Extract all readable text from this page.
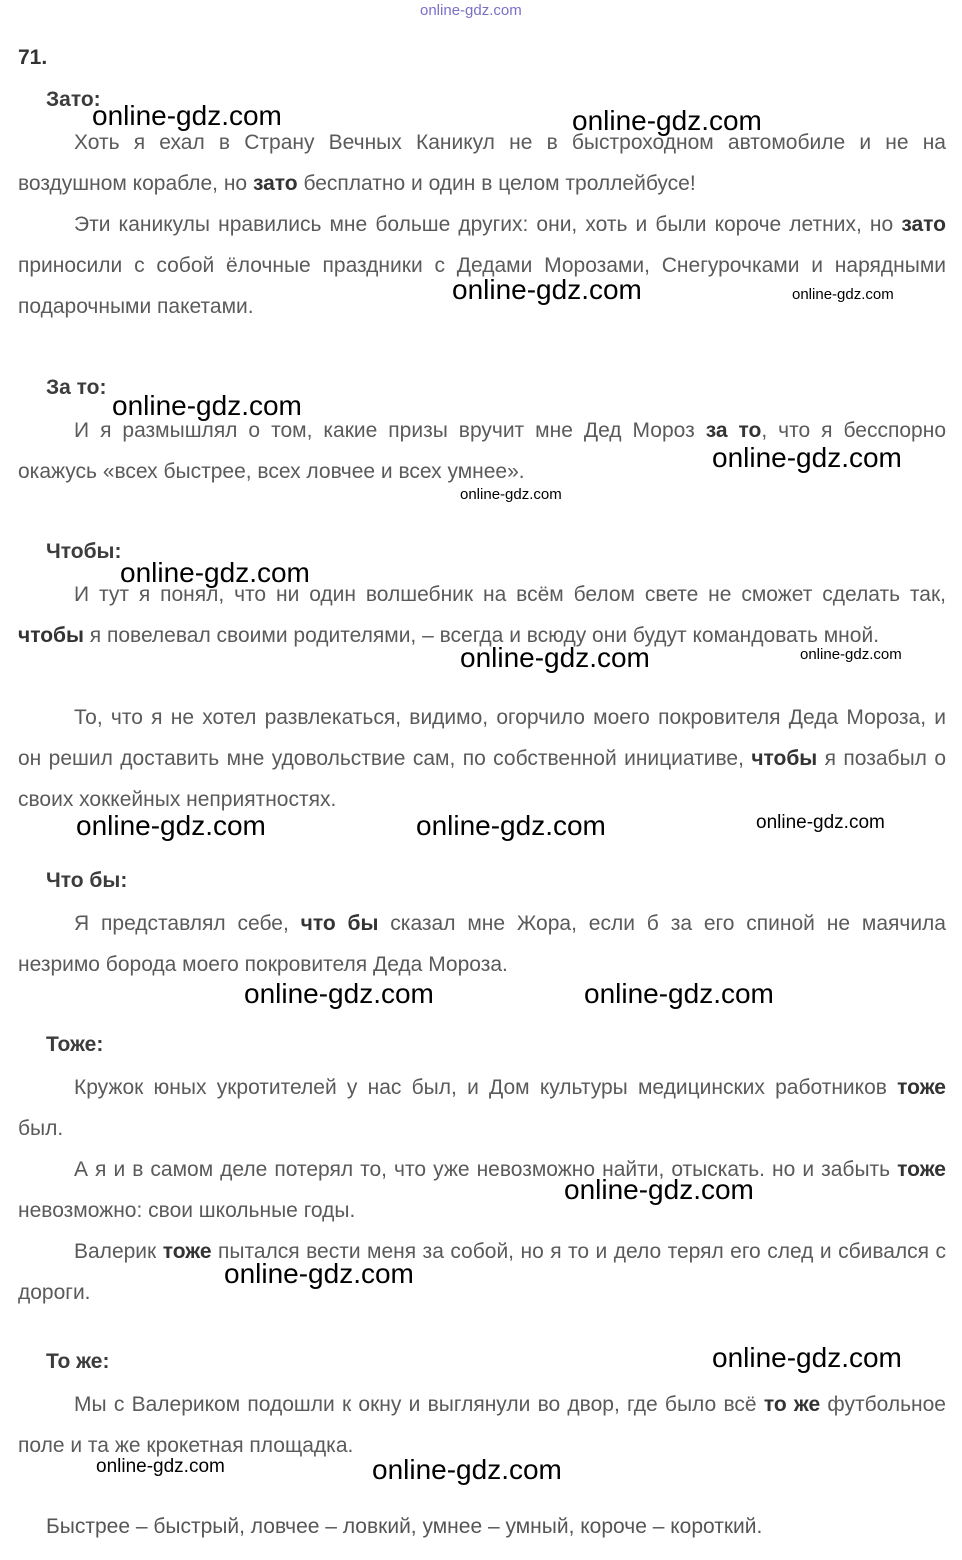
online-gdz.com
71.
Зато:

Хоть я ехал в Страну Вечных Каникул не в быстроходном автомобиле и не на воздушном корабле, но зато бесплатно и один в целом троллейбусе!

Эти каникулы нравились мне больше других: они, хоть и были короче летних, но зато приносили с собой ёлочные праздники с Дедами Морозами, Снегурочками и нарядными подарочными пакетами.

За то:

И я размышлял о том, какие призы вручит мне Дед Мороз за то, что я бесспорно окажусь «всех быстрее, всех ловчее и всех умнее».

Чтобы:

И тут я понял, что ни один волшебник на всём белом свете не сможет сделать так, чтобы я повелевал своими родителями, – всегда и всюду они будут командовать мной.

То, что я не хотел развлекаться, видимо, огорчило моего покровителя Деда Мороза, и он решил доставить мне удовольствие сам, по собственной инициативе, чтобы я позабыл о своих хоккейных неприятностях.

Что бы:

Я представлял себе, что бы сказал мне Жора, если б за его спиной не маячила незримо борода моего покровителя Деда Мороза.

Тоже:

Кружок юных укротителей у нас был, и Дом культуры медицинских работников тоже был.

А я и в самом деле потерял то, что уже невозможно найти, отыскать. но и забыть тоже невозможно: свои школьные годы.

Валерик тоже пытался вести меня за собой, но я то и дело терял его след и сбивался с дороги.

То же:

Мы с Валериком подошли к окну и выглянули во двор, где было всё то же футбольное поле и та же крокетная площадка.

Быстрее – быстрый, ловчее – ловкий, умнее – умный, короче – короткий.
online-gdz.com	online-gdz.com
online-gdz.com	online-gdz.com
online-gdz.com
online-gdz.com
online-gdz.com
online-gdz.com
online-gdz.com	online-gdz.com
online-gdz.com	online-gdz.com	online-gdz.com
online-gdz.com	online-gdz.com
online-gdz.com
online-gdz.com
online-gdz.com
online-gdz.com	online-gdz.com
